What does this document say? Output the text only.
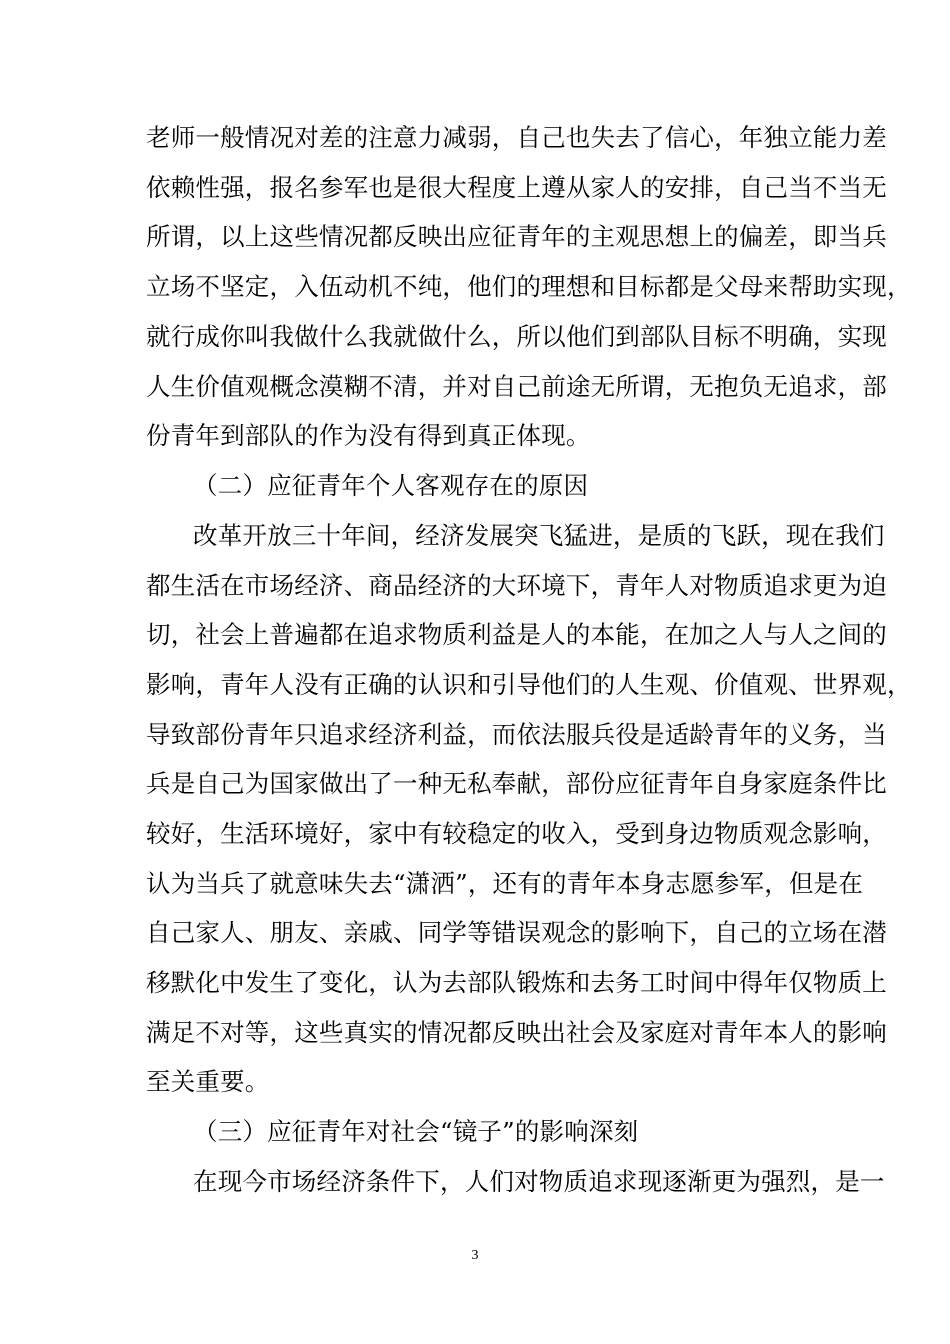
老师一般情况对差的注意力减弱，自己也失去了信心，年独立能力差
依赖性强，报名参军也是很大程度上遵从家人的安排，自己当不当无
所谓，以上这些情况都反映出应征青年的主观思想上的偏差，即当兵
立场不坚定，入伍动机不纯，他们的理想和目标都是父母来帮助实现，
就行成你叫我做什么我就做什么，所以他们到部队目标不明确，实现
人生价值观概念漠糊不清，并对自己前途无所谓，无抱负无追求，部
份青年到部队的作为没有得到真正体现。
（二）应征青年个人客观存在的原因
改革开放三十年间，经济发展突飞猛进，是质的飞跃，现在我们
都生活在市场经济、商品经济的大环境下，青年人对物质追求更为迫
切，社会上普遍都在追求物质利益是人的本能，在加之人与人之间的
影响，青年人没有正确的认识和引导他们的人生观、价值观、世界观，
导致部份青年只追求经济利益，而依法服兵役是适龄青年的义务，当
兵是自己为国家做出了一种无私奉献，部份应征青年自身家庭条件比
较好，生活环境好，家中有较稳定的收入，受到身边物质观念影响，
认为当兵了就意味失去“潇洒”，还有的青年本身志愿参军，但是在
自己家人、朋友、亲戚、同学等错误观念的影响下，自己的立场在潜
移默化中发生了变化，认为去部队锻炼和去务工时间中得年仅物质上
满足不对等，这些真实的情况都反映出社会及家庭对青年本人的影响
至关重要。
（三）应征青年对社会“镜子”的影响深刻
在现今市场经济条件下，人们对物质追求现逐渐更为强烈，是一
3
